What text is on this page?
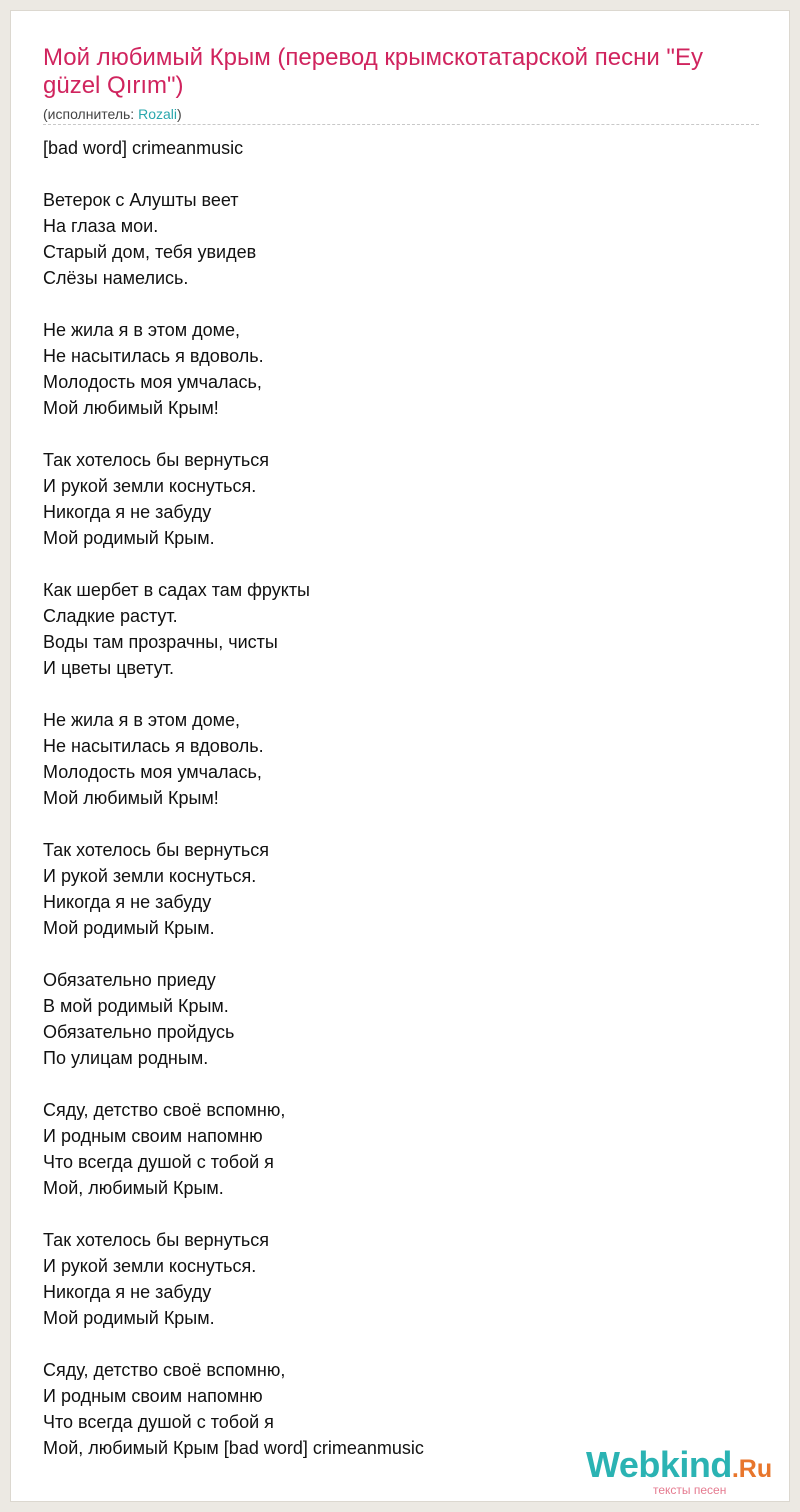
Мой любимый Крым (перевод крымскотатарской песни "Ey güzel Qırım")
(исполнитель: Rozali)
[bad word] crimeanmusic
Ветерок с Алушты веет
На глаза мои.
Старый дом, тебя увидев
Слёзы намелись.
Не жила я в этом доме,
Не насытилась я вдоволь.
Молодость моя умчалась,
Мой любимый Крым!
Так хотелось бы вернуться
И рукой земли коснуться.
Никогда я не забуду
Мой родимый Крым.
Как шербет в садах там фрукты
Сладкие растут.
Воды там прозрачны, чисты
И цветы цветут.
Не жила я в этом доме,
Не насытилась я вдоволь.
Молодость моя умчалась,
Мой любимый Крым!
Так хотелось бы вернуться
И рукой земли коснуться.
Никогда я не забуду
Мой родимый Крым.
Обязательно приеду
В мой родимый Крым.
Обязательно пройдусь
По улицам родным.
Сяду, детство своё вспомню,
И родным своим напомню
Что всегда душой с тобой я
Мой, любимый Крым.
Так хотелось бы вернуться
И рукой земли коснуться.
Никогда я не забуду
Мой родимый Крым.
Сяду, детство своё вспомню,
И родным своим напомню
Что всегда душой с тобой я
Мой, любимый Крым [bad word] crimeanmusic	Webkind.Ru
тексты песен
